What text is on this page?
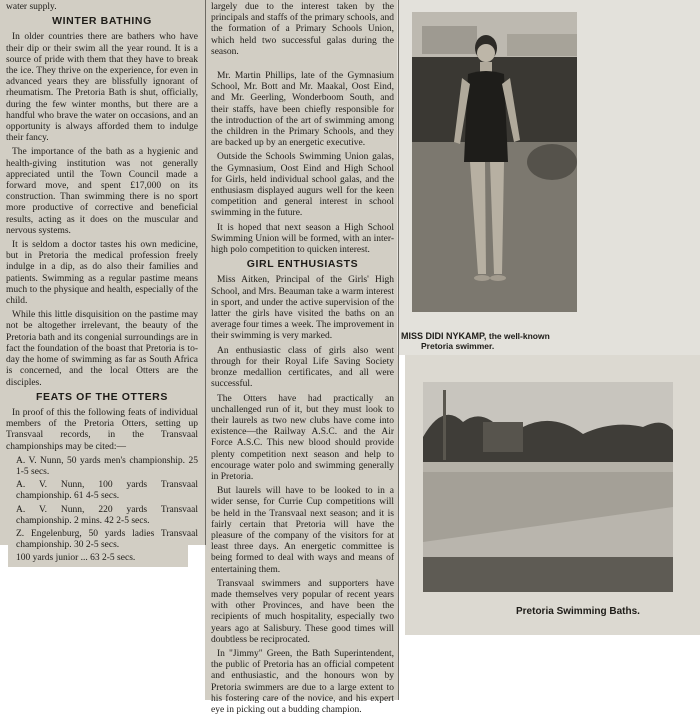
water supply.

WINTER BATHING

In older countries there are bathers who have their dip or their swim all the year round. It is a source of pride with them that they have to break the ice. They thrive on the experience, for even in advanced years they are blissfully ignorant of rheumatism. The Pretoria Bath is shut, officially, during the few winter months, but there are a handful who brave the water on occasions, and an opportunity is always afforded them to indulge their fancy.

The importance of the bath as a hygienic and health-giving institution was not generally appreciated until the Town Council made a forward move, and spent £17,000 on its construction. Than swimming there is no sport more productive of corrective and beneficial results, acting as it does on the muscular and nervous systems.

It is seldom a doctor tastes his own medicine, but in Pretoria the medical profession freely indulge in a dip, as do also their families and patients. Swimming as a regular pastime means much to the physique and health, especially of the child.

While this little disquisition on the pastime may not be altogether irrelevant, the beauty of the Pretoria bath and its congenial surroundings are in fact the foundation of the boast that Pretoria is to-day the home of swimming as far as South Africa is concerned, and the local Otters are the disciples.

FEATS OF THE OTTERS

In proof of this the following feats of individual members of the Pretoria Otters, setting up Transvaal records, in the Transvaal championships may be cited:—

A. V. Nunn, 50 yards men's championship. 25 1-5 secs.

A. V. Nunn, 100 yards Transvaal championship. 61 4-5 secs.

A. V. Nunn, 220 yards Transvaal championship. 2 mins. 42 2-5 secs.

Z. Engelenburg, 50 yards ladies Transvaal championship. 30 2-5 secs.

100 yards junior ... 63 2-5 secs.

largely due to the interest taken by the principals and staffs of the primary schools, and the formation of a Primary Schools Union, which held two successful galas during the season.

Mr. Martin Phillips, late of the Gymnasium School, Mr. Bott and Mr. Maakal, Oost Eind, and Mr. Geerling, Wonderboom South, and their staffs, have been chiefly responsible for the introduction of the art of swimming among the children in the Primary Schools, and they are backed up by an energetic executive.

Outside the Schools Swimming Union galas, the Gymnasium, Oost Eind and High School for Girls, held individual school galas, and the enthusiasm displayed augurs well for the keen competition and general interest in school swimming in the future.

It is hoped that next season a High School Swimming Union will be formed, with an inter-high polo competition to quicken interest.

GIRL ENTHUSIASTS

Miss Aitken, Principal of the Girls' High School, and Mrs. Beauman take a warm interest in sport, and under the active supervision of the latter the girls have visited the baths on an average four times a week. The improvement in their swimming is very marked.

An enthusiastic class of girls also went through for their Royal Life Saving Society bronze medallion certificates, and all were successful.

The Otters have had practically an unchallenged run of it, but they must look to their laurels as two new clubs have come into existence—the Railway A.S.C. and the Air Force A.S.C. This new blood should provide plenty competition next season and help to encourage water polo and swimming generally in Pretoria.

But laurels will have to be looked to in a wider sense, for Currie Cup competitions will be held in the Transvaal next season; and it is fairly certain that Pretoria will have the pleasure of the company of the visitors for at least three days. An energetic committee is being formed to deal with ways and means of entertaining them.

Transvaal swimmers and supporters have made themselves very popular of recent years with other Provinces, and have been the recipients of much hospitality, especially two years ago at Salisbury. These good times will doubtless be reciprocated.

In "Jimmy" Green, the Bath Superintendent, the public of Pretoria has an official competent and enthusiastic, and the honours won by Pretoria swimmers are due to a large extent to his fostering care of the novice, and his expert eye in picking out a budding champion.

MISS DIDI NYKAMP, the well-known
Pretoria swimmer.
Pretoria Swimming Baths.
